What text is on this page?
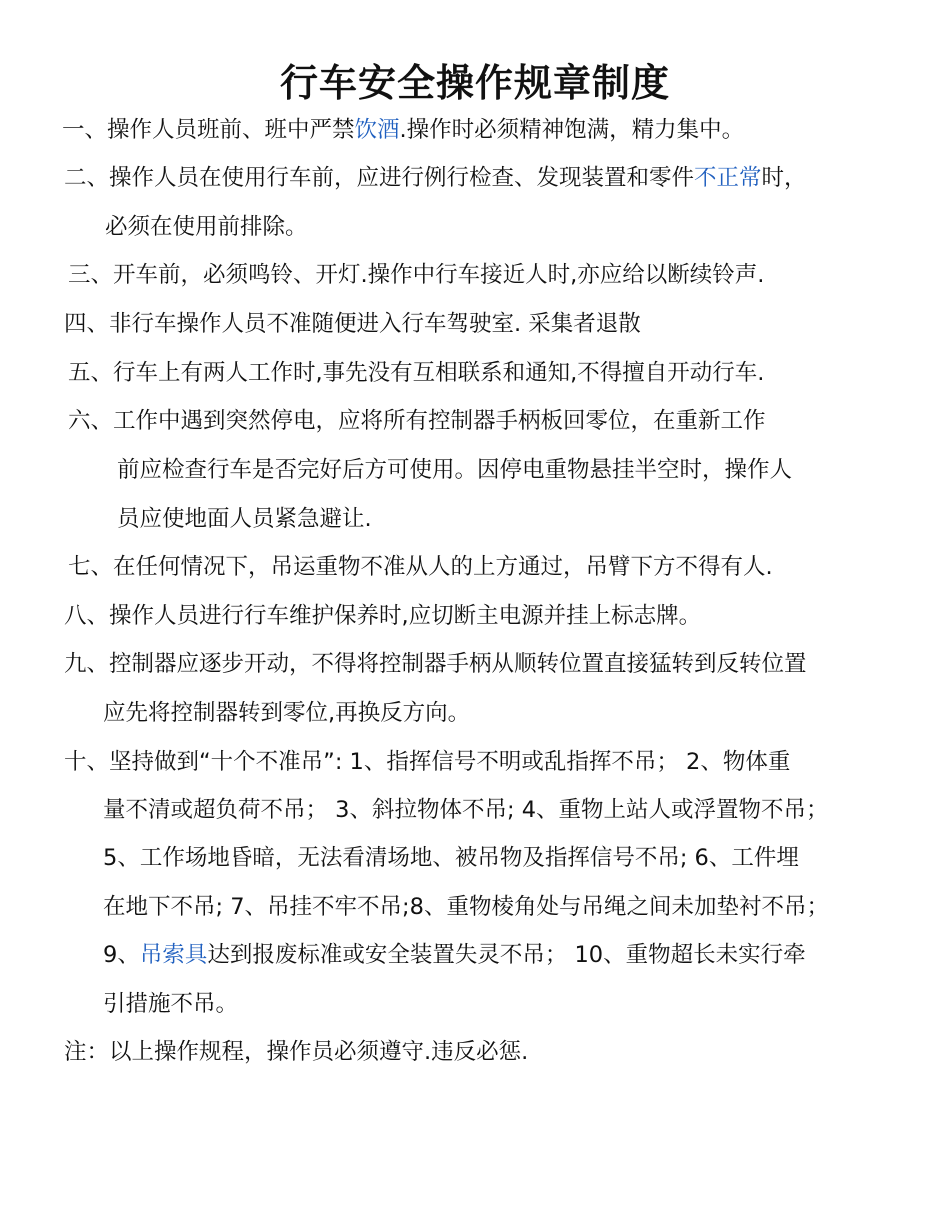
行车安全操作规章制度
一、操作人员班前、班中严禁饮酒.操作时必须精神饱满，精力集中。
二、操作人员在使用行车前，应进行例行检查、发现装置和零件不正常时，
必须在使用前排除。
三、开车前，必须鸣铃、开灯.操作中行车接近人时,亦应给以断续铃声.
四、非行车操作人员不准随便进入行车驾驶室. 采集者退散
五、行车上有两人工作时,事先没有互相联系和通知,不得擅自开动行车.
六、工作中遇到突然停电，应将所有控制器手柄板回零位，在重新工作
前应检查行车是否完好后方可使用。因停电重物悬挂半空时，操作人
员应使地面人员紧急避让.
七、在任何情况下，吊运重物不准从人的上方通过，吊臂下方不得有人.
八、操作人员进行行车维护保养时,应切断主电源并挂上标志牌。
九、控制器应逐步开动，不得将控制器手柄从顺转位置直接猛转到反转位置
应先将控制器转到零位,再换反方向。
十、坚持做到“十个不准吊”: 1、指挥信号不明或乱指挥不吊； 2、物体重
量不清或超负荷不吊； 3、斜拉物体不吊; 4、重物上站人或浮置物不吊；
5、工作场地昏暗，无法看清场地、被吊物及指挥信号不吊; 6、工件埋
在地下不吊; 7、吊挂不牢不吊;8、重物棱角处与吊绳之间未加垫衬不吊；
9、吊索具达到报废标准或安全装置失灵不吊； 10、重物超长未实行牵
引措施不吊。
注：以上操作规程，操作员必须遵守.违反必惩.
